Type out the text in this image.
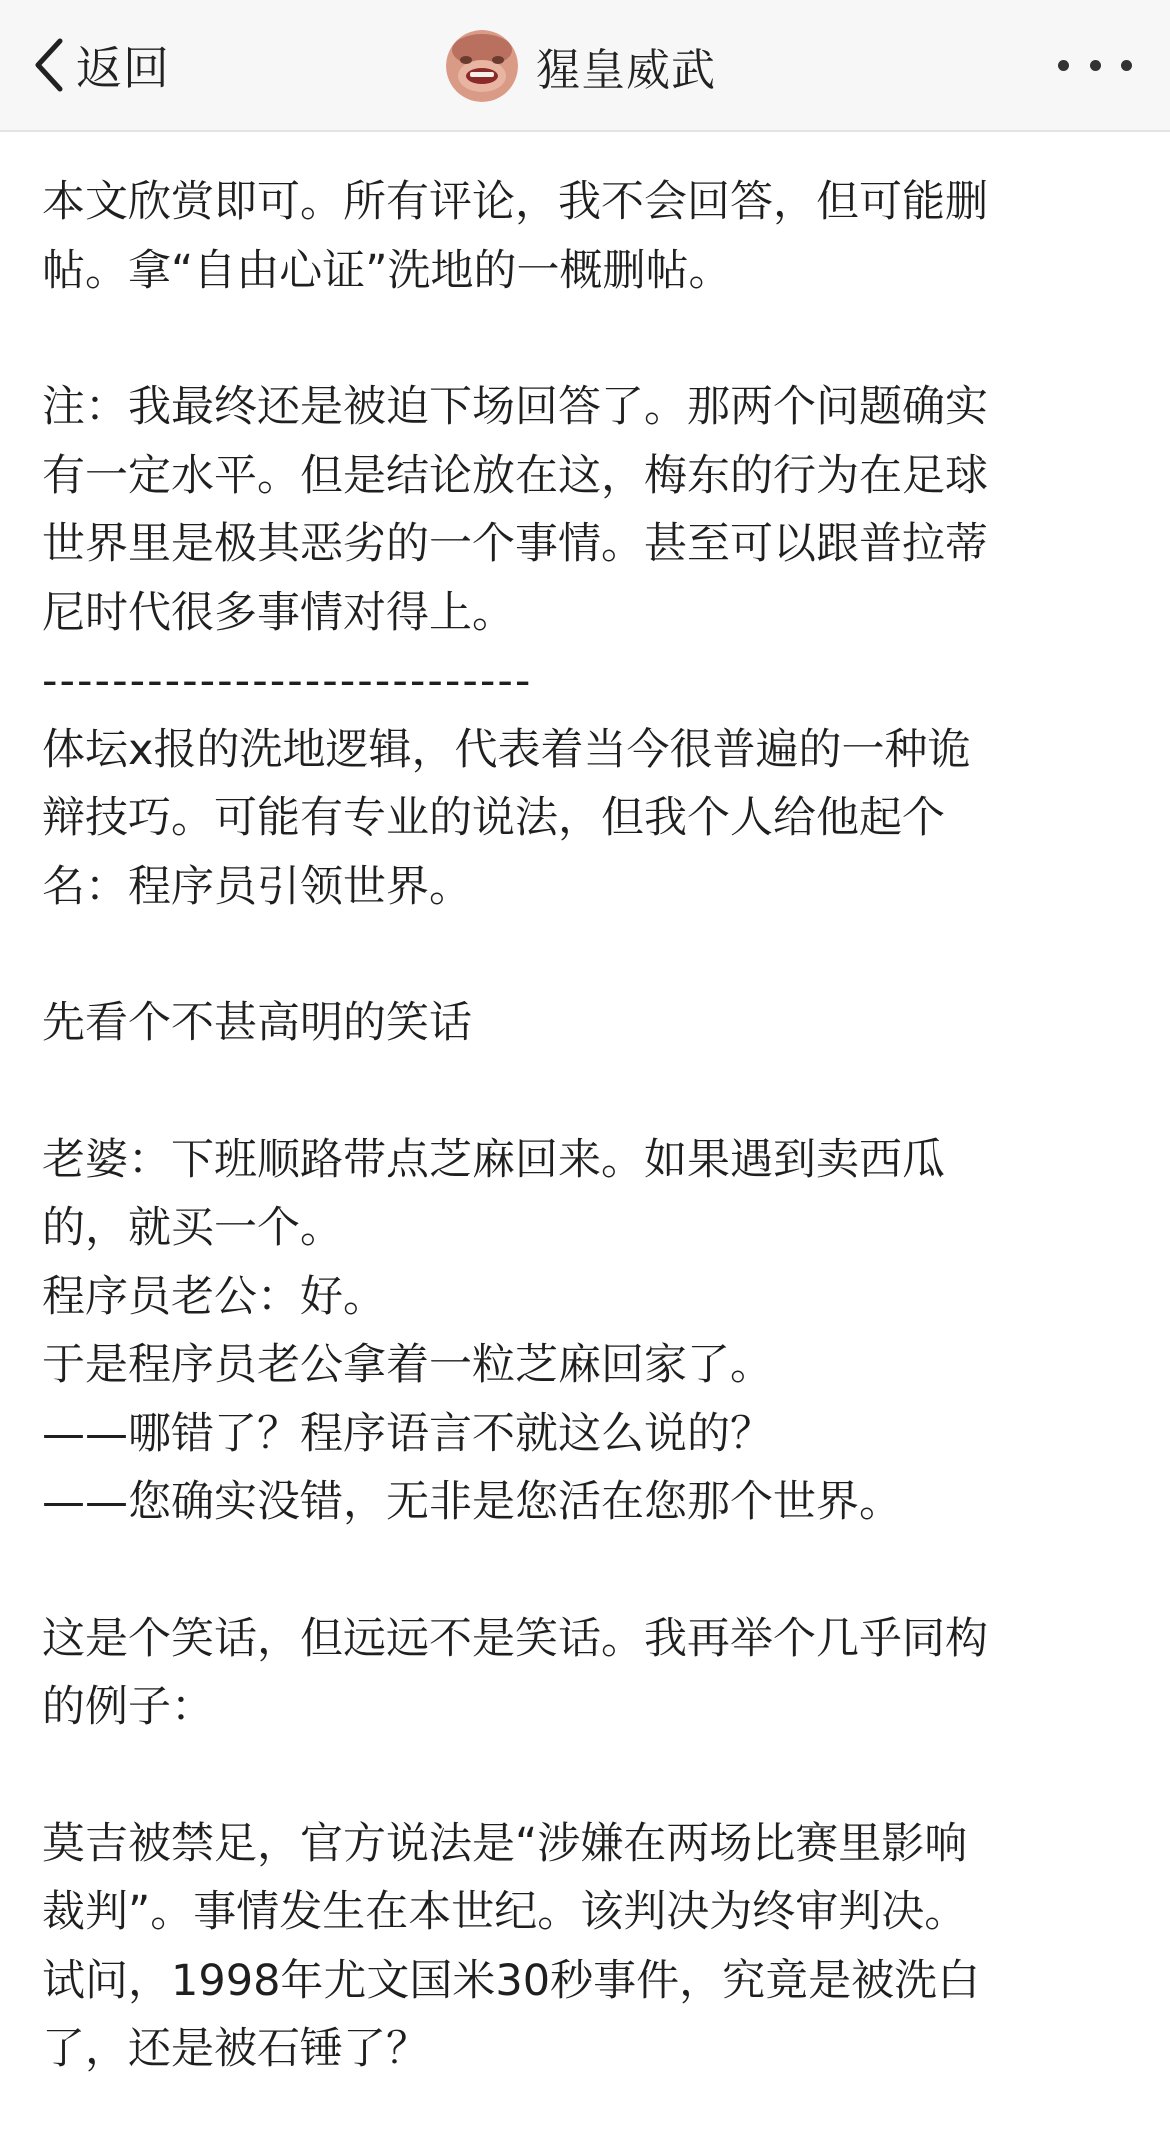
返回	猩皇威武
本文欣赏即可。所有评论，我不会回答，但可能删
帖。拿“自由心证”洗地的一概删帖。
注：我最终还是被迫下场回答了。那两个问题确实
有一定水平。但是结论放在这，梅东的行为在足球
世界里是极其恶劣的一个事情。甚至可以跟普拉蒂
尼时代很多事情对得上。
----------------------------
体坛x报的洗地逻辑，代表着当今很普遍的一种诡
辩技巧。可能有专业的说法，但我个人给他起个
名：程序员引领世界。
先看个不甚高明的笑话
老婆：下班顺路带点芝麻回来。如果遇到卖西瓜
的，就买一个。
程序员老公：好。
于是程序员老公拿着一粒芝麻回家了。
——哪错了？程序语言不就这么说的？
——您确实没错，无非是您活在您那个世界。
这是个笑话，但远远不是笑话。我再举个几乎同构
的例子：
莫吉被禁足，官方说法是“涉嫌在两场比赛里影响
裁判”。事情发生在本世纪。该判决为终审判决。
试问，1998年尤文国米30秒事件，究竟是被洗白
了，还是被石锤了？
